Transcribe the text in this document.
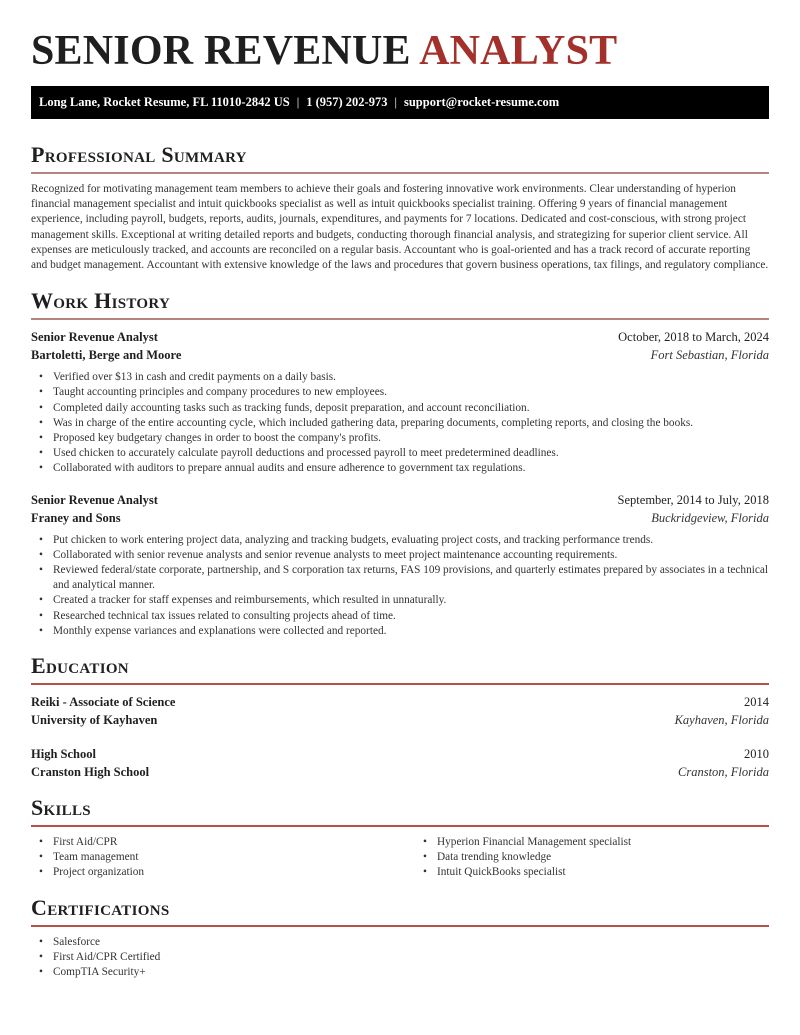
SENIOR REVENUE ANALYST
Long Lane, Rocket Resume, FL 11010-2842 US | 1 (957) 202-973 | support@rocket-resume.com
Professional Summary

Recognized for motivating management team members to achieve their goals and fostering innovative work environments. Clear understanding of hyperion financial management specialist and intuit quickbooks specialist as well as intuit quickbooks specialist training. Offering 9 years of financial management experience, including payroll, budgets, reports, audits, journals, expenditures, and payments for 7 locations. Dedicated and cost-conscious, with strong project management skills. Exceptional at writing detailed reports and budgets, conducting thorough financial analysis, and strategizing for superior client service. All expenses are meticulously tracked, and accounts are reconciled on a regular basis. Accountant who is goal-oriented and has a track record of accurate reporting and budget management. Accountant with extensive knowledge of the laws and procedures that govern business operations, tax filings, and regulatory compliance.

Work History
Senior Revenue Analyst	October, 2018 to March, 2024
Bartoletti, Berge and Moore	Fort Sebastian, Florida
• Verified over $13 in cash and credit payments on a daily basis.
• Taught accounting principles and company procedures to new employees.
• Completed daily accounting tasks such as tracking funds, deposit preparation, and account reconciliation.
• Was in charge of the entire accounting cycle, which included gathering data, preparing documents, completing reports, and closing the books.
• Proposed key budgetary changes in order to boost the company's profits.
• Used chicken to accurately calculate payroll deductions and processed payroll to meet predetermined deadlines.
• Collaborated with auditors to prepare annual audits and ensure adherence to government tax regulations.
Senior Revenue Analyst	September, 2014 to July, 2018
Franey and Sons	Buckridgeview, Florida
• Put chicken to work entering project data, analyzing and tracking budgets, evaluating project costs, and tracking performance trends.
• Collaborated with senior revenue analysts and senior revenue analysts to meet project maintenance accounting requirements.
• Reviewed federal/state corporate, partnership, and S corporation tax returns, FAS 109 provisions, and quarterly estimates prepared by associates in a technical and analytical manner.
• Created a tracker for staff expenses and reimbursements, which resulted in unnaturally.
• Researched technical tax issues related to consulting projects ahead of time.
• Monthly expense variances and explanations were collected and reported.
Education
Reiki - Associate of Science	2014
University of Kayhaven	Kayhaven, Florida
High School	2010
Cranston High School	Cranston, Florida
Skills
• First Aid/CPR
• Team management
• Project organization
• Hyperion Financial Management specialist
• Data trending knowledge
• Intuit QuickBooks specialist
Certifications
• Salesforce
• First Aid/CPR Certified
• CompTIA Security+
